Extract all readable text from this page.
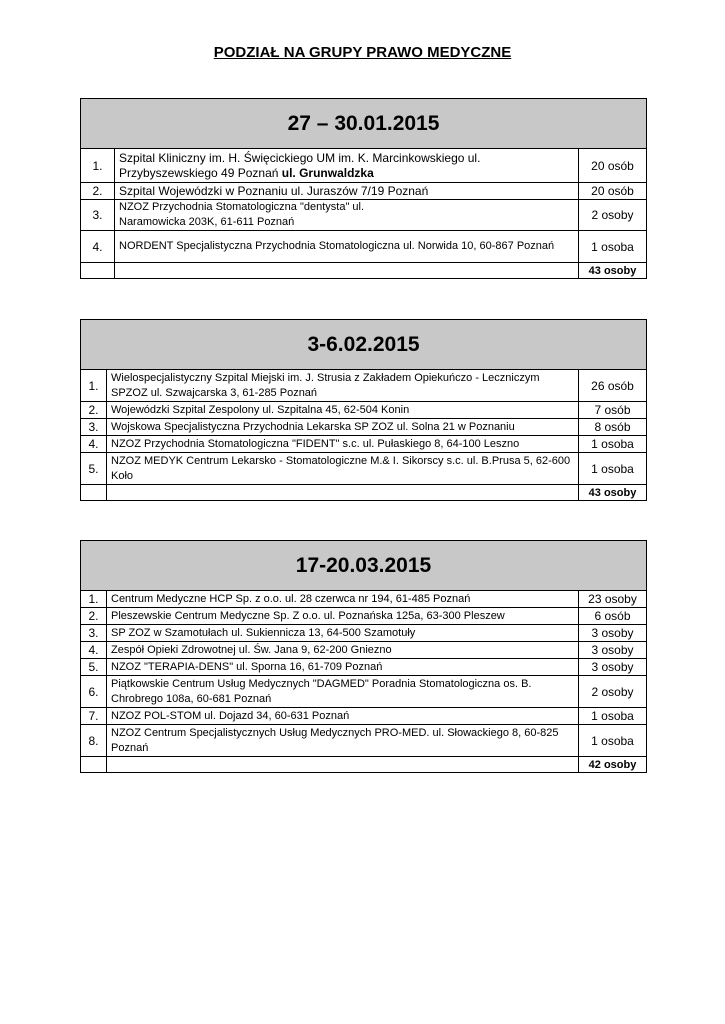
PODZIAŁ NA GRUPY PRAWO MEDYCZNE
27 – 30.01.2015		
1.	Szpital Kliniczny im. H. Święcickiego UM im. K. Marcinkowskiego ul. Przybyszewskiego 49 Poznań ul. Grunwaldzka	20 osób
2.	Szpital Wojewódzki w Poznaniu ul. Juraszów 7/19 Poznań	20 osób
3.	NZOZ Przychodnia Stomatologiczna "dentysta" ul. Naramowicka 203K, 61-611 Poznań	2 osoby
4.	NORDENT Specjalistyczna Przychodnia Stomatologiczna ul. Norwida 10, 60-867 Poznań	1 osoba
		43 osoby
3-6.02.2015		
1.	Wielospecjalistyczny Szpital Miejski im. J. Strusia z Zakładem Opiekuńczo - Leczniczym SPZOZ ul. Szwajcarska 3, 61-285 Poznań	26 osób
2.	Wojewódzki Szpital Zespolony ul. Szpitalna 45, 62-504 Konin	7 osób
3.	Wojskowa Specjalistyczna Przychodnia Lekarska SP ZOZ ul. Solna 21 w Poznaniu	8 osób
4.	NZOZ Przychodnia Stomatologiczna "FIDENT" s.c. ul. Pułaskiego 8, 64-100 Leszno	1 osoba
5.	NZOZ MEDYK Centrum Lekarsko - Stomatologiczne M.& I. Sikorscy s.c. ul. B.Prusa 5, 62-600 Koło	1 osoba
		43 osoby
17-20.03.2015		
1.	Centrum Medyczne HCP Sp. z o.o. ul. 28 czerwca nr 194, 61-485 Poznań	23 osoby
2.	Pleszewskie Centrum Medyczne Sp. Z o.o. ul. Poznańska 125a, 63-300 Pleszew	6 osób
3.	SP ZOZ w Szamotułach ul. Sukiennicza 13, 64-500 Szamotuły	3 osoby
4.	Zespół Opieki Zdrowotnej ul. Św. Jana 9, 62-200 Gniezno	3 osoby
5.	NZOZ "TERAPIA-DENS" ul. Sporna 16, 61-709 Poznań	3 osoby
6.	Piątkowskie Centrum Usług Medycznych "DAGMED" Poradnia Stomatologiczna os. B. Chrobrego 108a, 60-681 Poznań	2 osoby
7.	NZOZ POL-STOM ul. Dojazd 34, 60-631 Poznań	1 osoba
8.	NZOZ Centrum Specjalistycznych Usług Medycznych PRO-MED. ul. Słowackiego 8, 60-825 Poznań	1 osoba
		42 osoby
